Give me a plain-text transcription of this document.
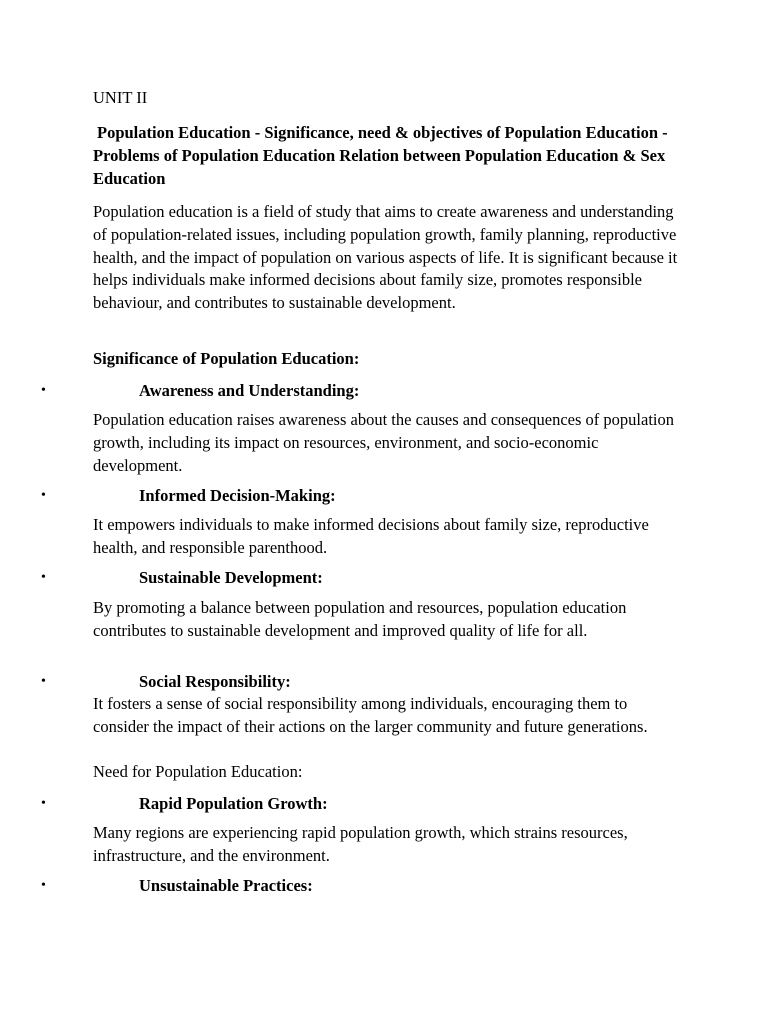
UNIT II
Population Education - Significance, need & objectives of Population Education - Problems of Population Education Relation between Population Education & Sex Education
Population education is a field of study that aims to create awareness and understanding of population-related issues, including population growth, family planning, reproductive health, and the impact of population on various aspects of life. It is significant because it helps individuals make informed decisions about family size, promotes responsible behaviour, and contributes to sustainable development.
Significance of Population Education:
•	Awareness and Understanding:
Population education raises awareness about the causes and consequences of population growth, including its impact on resources, environment, and socio-economic development.
•	Informed Decision-Making:
It empowers individuals to make informed decisions about family size, reproductive health, and responsible parenthood.
•	Sustainable Development:
By promoting a balance between population and resources, population education contributes to sustainable development and improved quality of life for all.
•	Social Responsibility:
It fosters a sense of social responsibility among individuals, encouraging them to consider the impact of their actions on the larger community and future generations.
Need for Population Education:
•	Rapid Population Growth:
Many regions are experiencing rapid population growth, which strains resources, infrastructure, and the environment.
•	Unsustainable Practices:
